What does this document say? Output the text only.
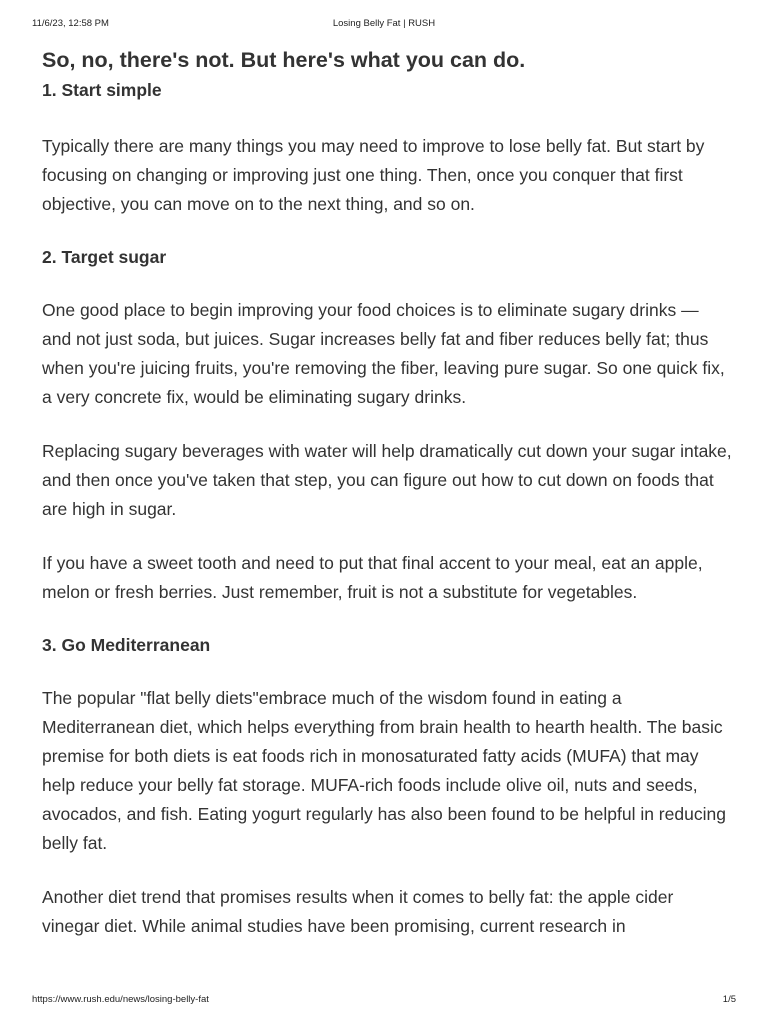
11/6/23, 12:58 PM	Losing Belly Fat | RUSH
So, no, there's not. But here's what you can do.
1. Start simple

Typically there are many things you may need to improve to lose belly fat. But start by focusing on changing or improving just one thing. Then, once you conquer that first objective, you can move on to the next thing, and so on.

2. Target sugar

One good place to begin improving your food choices is to eliminate sugary drinks — and not just soda, but juices. Sugar increases belly fat and fiber reduces belly fat; thus when you're juicing fruits, you're removing the fiber, leaving pure sugar. So one quick fix, a very concrete fix, would be eliminating sugary drinks.

Replacing sugary beverages with water will help dramatically cut down your sugar intake, and then once you've taken that step, you can figure out how to cut down on foods that are high in sugar.

If you have a sweet tooth and need to put that final accent to your meal, eat an apple, melon or fresh berries. Just remember, fruit is not a substitute for vegetables.

3. Go Mediterranean

The popular "flat belly diets"embrace much of the wisdom found in eating a Mediterranean diet, which helps everything from brain health to hearth health. The basic premise for both diets is eat foods rich in monosaturated fatty acids (MUFA) that may help reduce your belly fat storage. MUFA-rich foods include olive oil, nuts and seeds, avocados, and fish. Eating yogurt regularly has also been found to be helpful in reducing belly fat.

Another diet trend that promises results when it comes to belly fat: the apple cider vinegar diet. While animal studies have been promising, current research in

https://www.rush.edu/news/losing-belly-fat	1/5
